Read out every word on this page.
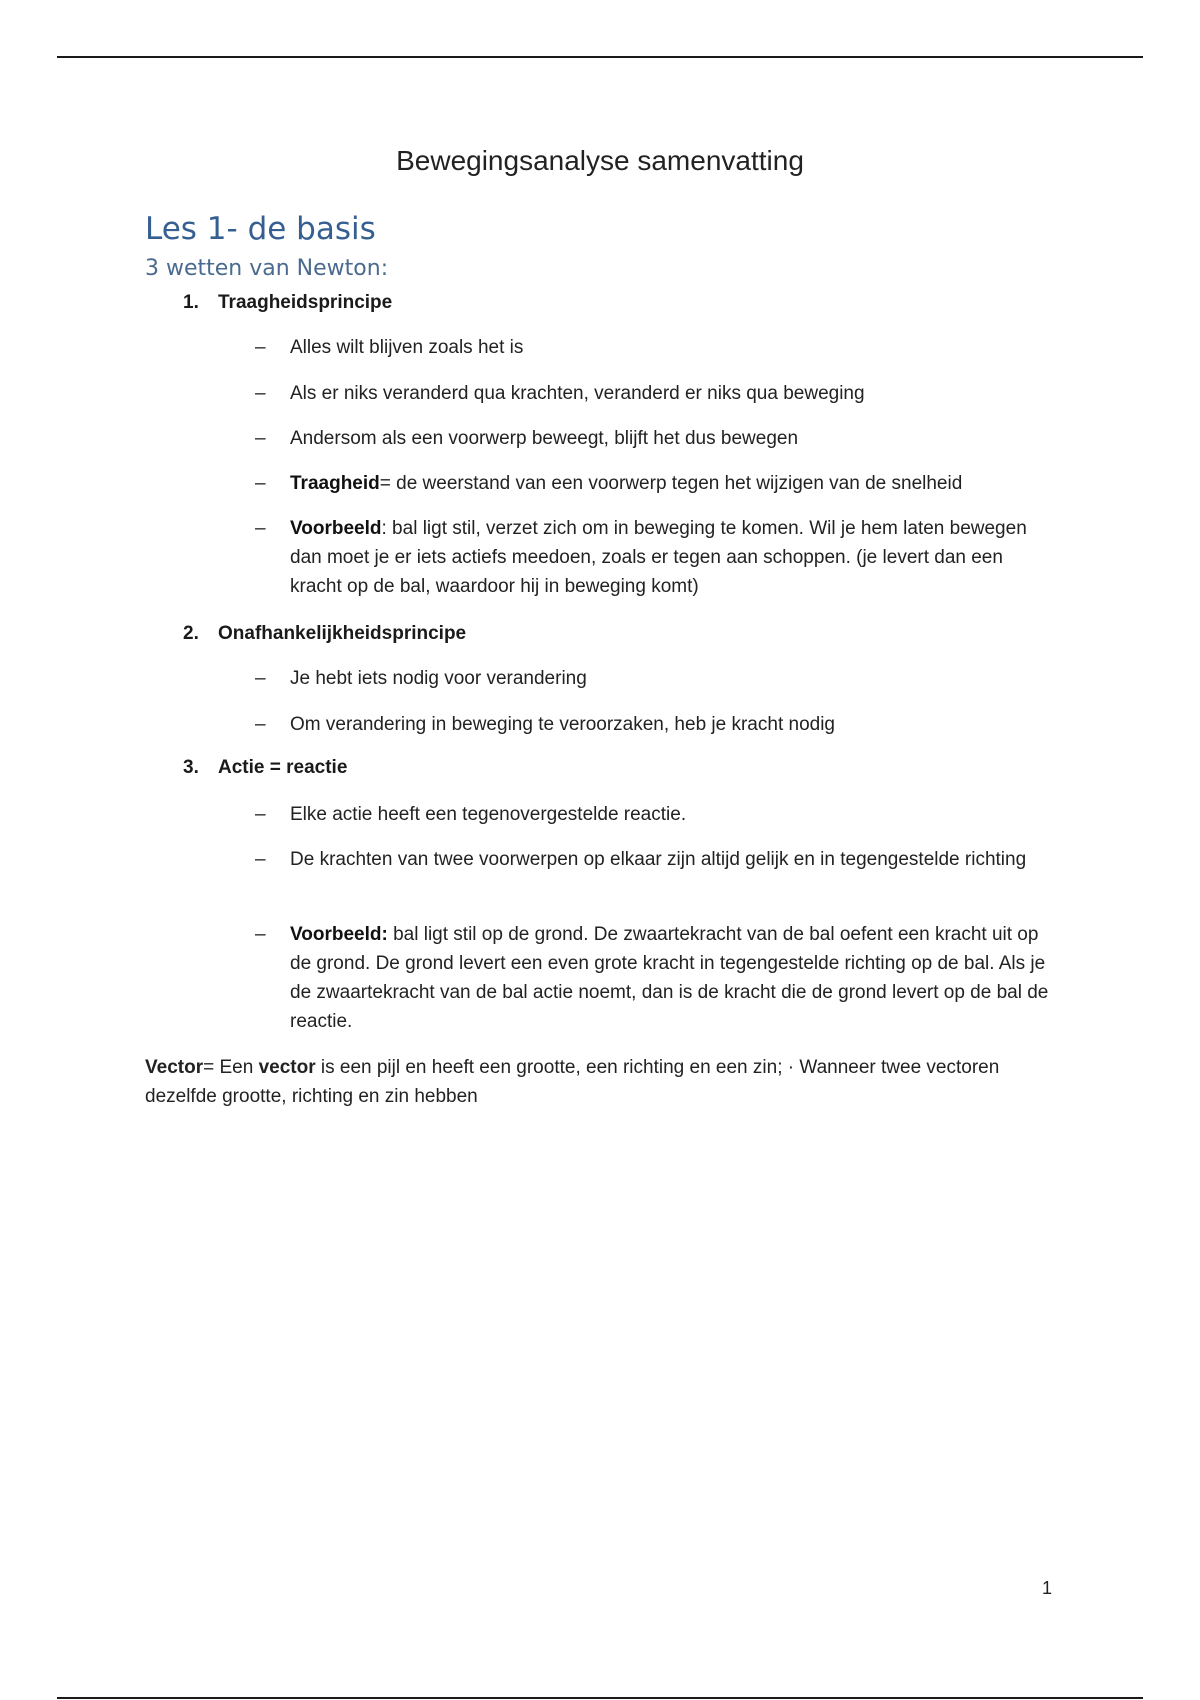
Bewegingsanalyse samenvatting
Les 1- de basis
3 wetten van Newton:
1. Traagheidsprincipe
– Alles wilt blijven zoals het is
– Als er niks veranderd qua krachten, veranderd er niks qua beweging
– Andersom als een voorwerp beweegt, blijft het dus bewegen
– Traagheid= de weerstand van een voorwerp tegen het wijzigen van de snelheid
– Voorbeeld: bal ligt stil, verzet zich om in beweging te komen. Wil je hem laten bewegen dan moet je er iets actiefs meedoen, zoals er tegen aan schoppen. (je levert dan een kracht op de bal, waardoor hij in beweging komt)
2. Onafhankelijkheidsprincipe
– Je hebt iets nodig voor verandering
– Om verandering in beweging te veroorzaken, heb je kracht nodig
3. Actie = reactie
– Elke actie heeft een tegenovergestelde reactie.
– De krachten van twee voorwerpen op elkaar zijn altijd gelijk en in tegengestelde richting
– Voorbeeld: bal ligt stil op de grond. De zwaartekracht van de bal oefent een kracht uit op de grond. De grond levert een even grote kracht in tegengestelde richting op de bal. Als je de zwaartekracht van de bal actie noemt, dan is de kracht die de grond levert op de bal de reactie.
Vector= Een vector is een pijl en heeft een grootte, een richting en een zin; · Wanneer twee vectoren dezelfde grootte, richting en zin hebben
1
